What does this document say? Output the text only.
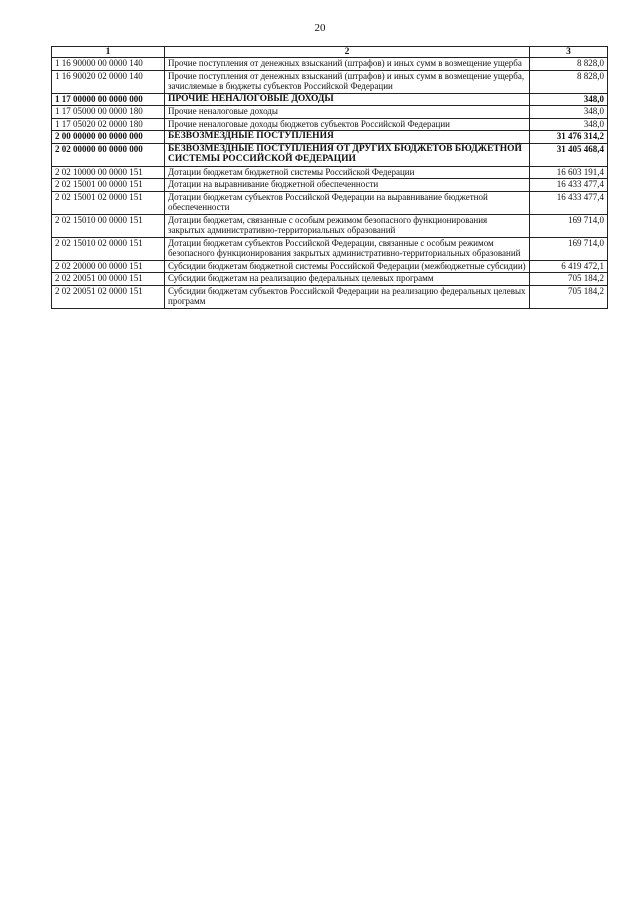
20
1	2	3
1 16 90000 00 0000 140	Прочие поступления от денежных взысканий (штрафов) и иных сумм в возмещение ущерба	8 828,0
1 16 90020 02 0000 140	Прочие поступления от денежных взысканий (штрафов) и иных сумм в возмещение ущерба, зачисляемые в бюджеты субъектов Российской Федерации	8 828,0
1 17 00000 00 0000 000	ПРОЧИЕ НЕНАЛОГОВЫЕ ДОХОДЫ	348,0
1 17 05000 00 0000 180	Прочие неналоговые доходы	348,0
1 17 05020 02 0000 180	Прочие неналоговые доходы бюджетов субъектов Российской Федерации	348,0
2 00 00000 00 0000 000	БЕЗВОЗМЕЗДНЫЕ ПОСТУПЛЕНИЯ	31 476 314,2
2 02 00000 00 0000 000	БЕЗВОЗМЕЗДНЫЕ ПОСТУПЛЕНИЯ ОТ ДРУГИХ БЮДЖЕТОВ БЮДЖЕТНОЙ СИСТЕМЫ РОССИЙСКОЙ ФЕДЕРАЦИИ	31 405 468,4
2 02 10000 00 0000 151	Дотации бюджетам бюджетной системы Российской Федерации	16 603 191,4
2 02 15001 00 0000 151	Дотации на выравнивание бюджетной обеспеченности	16 433 477,4
2 02 15001 02 0000 151	Дотации бюджетам субъектов Российской Федерации на выравнивание бюджетной обеспеченности	16 433 477,4
2 02 15010 00 0000 151	Дотации бюджетам, связанные с особым режимом безопасного функционирования закрытых административно-территориальных образований	169 714,0
2 02 15010 02 0000 151	Дотации бюджетам субъектов Российской Федерации, связанные с особым режимом безопасного функционирования закрытых административно-территориальных образований	169 714,0
2 02 20000 00 0000 151	Субсидии бюджетам бюджетной системы Российской Федерации (межбюджетные субсидии)	6 419 472,1
2 02 20051 00 0000 151	Субсидии бюджетам на реализацию федеральных целевых программ	705 184,2
2 02 20051 02 0000 151	Субсидии бюджетам субъектов Российской Федерации на реализацию федеральных целевых программ	705 184,2
